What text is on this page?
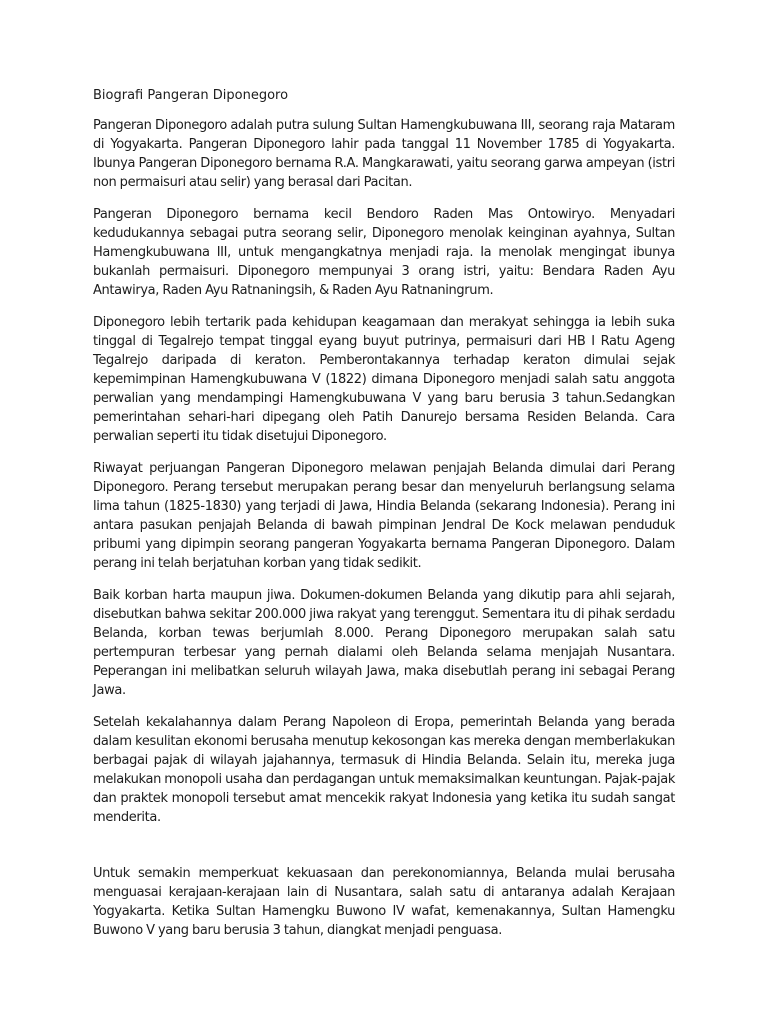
Biografi Pangeran Diponegoro

Pangeran Diponegoro adalah putra sulung Sultan Hamengkubuwana III, seorang raja Mataram di Yogyakarta. Pangeran Diponegoro lahir pada tanggal 11 November 1785 di Yogyakarta. Ibunya Pangeran Diponegoro bernama R.A. Mangkarawati, yaitu seorang garwa ampeyan (istri non permaisuri atau selir) yang berasal dari Pacitan.

Pangeran Diponegoro bernama kecil Bendoro Raden Mas Ontowiryo. Menyadari kedudukannya sebagai putra seorang selir, Diponegoro menolak keinginan ayahnya, Sultan Hamengkubuwana III, untuk mengangkatnya menjadi raja. Ia menolak mengingat ibunya bukanlah permaisuri. Diponegoro mempunyai 3 orang istri, yaitu: Bendara Raden Ayu Antawirya, Raden Ayu Ratnaningsih, & Raden Ayu Ratnaningrum.

Diponegoro lebih tertarik pada kehidupan keagamaan dan merakyat sehingga ia lebih suka tinggal di Tegalrejo tempat tinggal eyang buyut putrinya, permaisuri dari HB I Ratu Ageng Tegalrejo daripada di keraton. Pemberontakannya terhadap keraton dimulai sejak kepemimpinan Hamengkubuwana V (1822) dimana Diponegoro menjadi salah satu anggota perwalian yang mendampingi Hamengkubuwana V yang baru berusia 3 tahun.Sedangkan pemerintahan sehari-hari dipegang oleh Patih Danurejo bersama Residen Belanda. Cara perwalian seperti itu tidak disetujui Diponegoro.

Riwayat perjuangan Pangeran Diponegoro melawan penjajah Belanda dimulai dari Perang Diponegoro. Perang tersebut merupakan perang besar dan menyeluruh berlangsung selama lima tahun (1825-1830) yang terjadi di Jawa, Hindia Belanda (sekarang Indonesia). Perang ini antara pasukan penjajah Belanda di bawah pimpinan Jendral De Kock melawan penduduk pribumi yang dipimpin seorang pangeran Yogyakarta bernama Pangeran Diponegoro. Dalam perang ini telah berjatuhan korban yang tidak sedikit.

Baik korban harta maupun jiwa. Dokumen-dokumen Belanda yang dikutip para ahli sejarah, disebutkan bahwa sekitar 200.000 jiwa rakyat yang terenggut. Sementara itu di pihak serdadu Belanda, korban tewas berjumlah 8.000. Perang Diponegoro merupakan salah satu pertempuran terbesar yang pernah dialami oleh Belanda selama menjajah Nusantara. Peperangan ini melibatkan seluruh wilayah Jawa, maka disebutlah perang ini sebagai Perang Jawa.

Setelah kekalahannya dalam Perang Napoleon di Eropa, pemerintah Belanda yang berada dalam kesulitan ekonomi berusaha menutup kekosongan kas mereka dengan memberlakukan berbagai pajak di wilayah jajahannya, termasuk di Hindia Belanda. Selain itu, mereka juga melakukan monopoli usaha dan perdagangan untuk memaksimalkan keuntungan. Pajak-pajak dan praktek monopoli tersebut amat mencekik rakyat Indonesia yang ketika itu sudah sangat menderita.

Untuk semakin memperkuat kekuasaan dan perekonomiannya, Belanda mulai berusaha menguasai kerajaan-kerajaan lain di Nusantara, salah satu di antaranya adalah Kerajaan Yogyakarta. Ketika Sultan Hamengku Buwono IV wafat, kemenakannya, Sultan Hamengku Buwono V yang baru berusia 3 tahun, diangkat menjadi penguasa.
